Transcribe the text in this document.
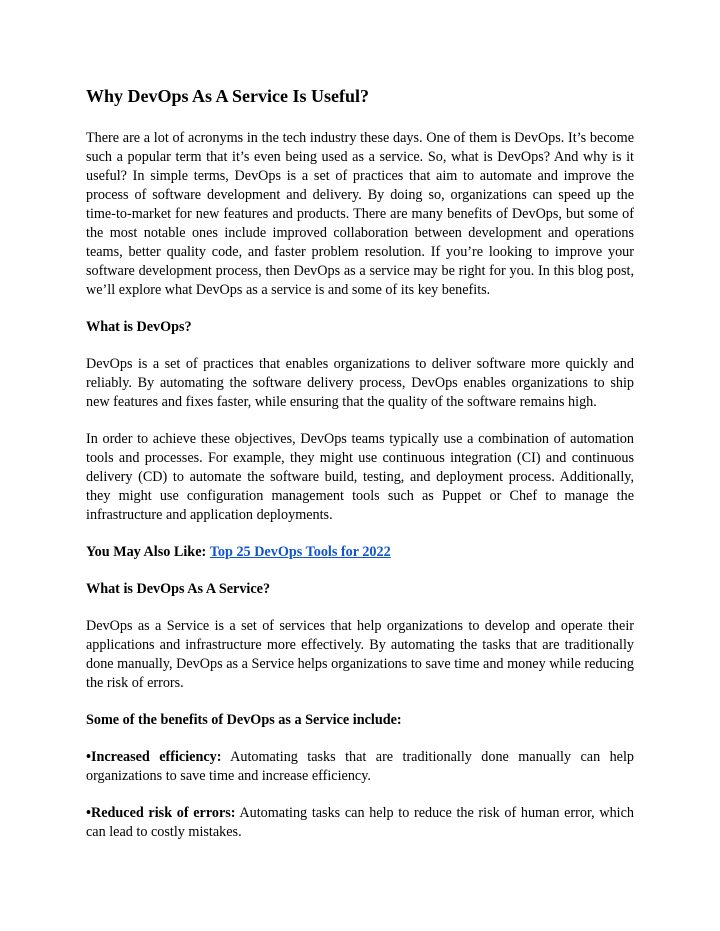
Why DevOps As A Service Is Useful?

There are a lot of acronyms in the tech industry these days. One of them is DevOps. It’s become such a popular term that it’s even being used as a service. So, what is DevOps? And why is it useful? In simple terms, DevOps is a set of practices that aim to automate and improve the process of software development and delivery. By doing so, organizations can speed up the time-to-market for new features and products. There are many benefits of DevOps, but some of the most notable ones include improved collaboration between development and operations teams, better quality code, and faster problem resolution. If you’re looking to improve your software development process, then DevOps as a service may be right for you. In this blog post, we’ll explore what DevOps as a service is and some of its key benefits.

What is DevOps?

DevOps is a set of practices that enables organizations to deliver software more quickly and reliably. By automating the software delivery process, DevOps enables organizations to ship new features and fixes faster, while ensuring that the quality of the software remains high.

In order to achieve these objectives, DevOps teams typically use a combination of automation tools and processes. For example, they might use continuous integration (CI) and continuous delivery (CD) to automate the software build, testing, and deployment process. Additionally, they might use configuration management tools such as Puppet or Chef to manage the infrastructure and application deployments.

You May Also Like: Top 25 DevOps Tools for 2022

What is DevOps As A Service?

DevOps as a Service is a set of services that help organizations to develop and operate their applications and infrastructure more effectively. By automating the tasks that are traditionally done manually, DevOps as a Service helps organizations to save time and money while reducing the risk of errors.

Some of the benefits of DevOps as a Service include:

•Increased efficiency: Automating tasks that are traditionally done manually can help organizations to save time and increase efficiency.

•Reduced risk of errors: Automating tasks can help to reduce the risk of human error, which can lead to costly mistakes.
